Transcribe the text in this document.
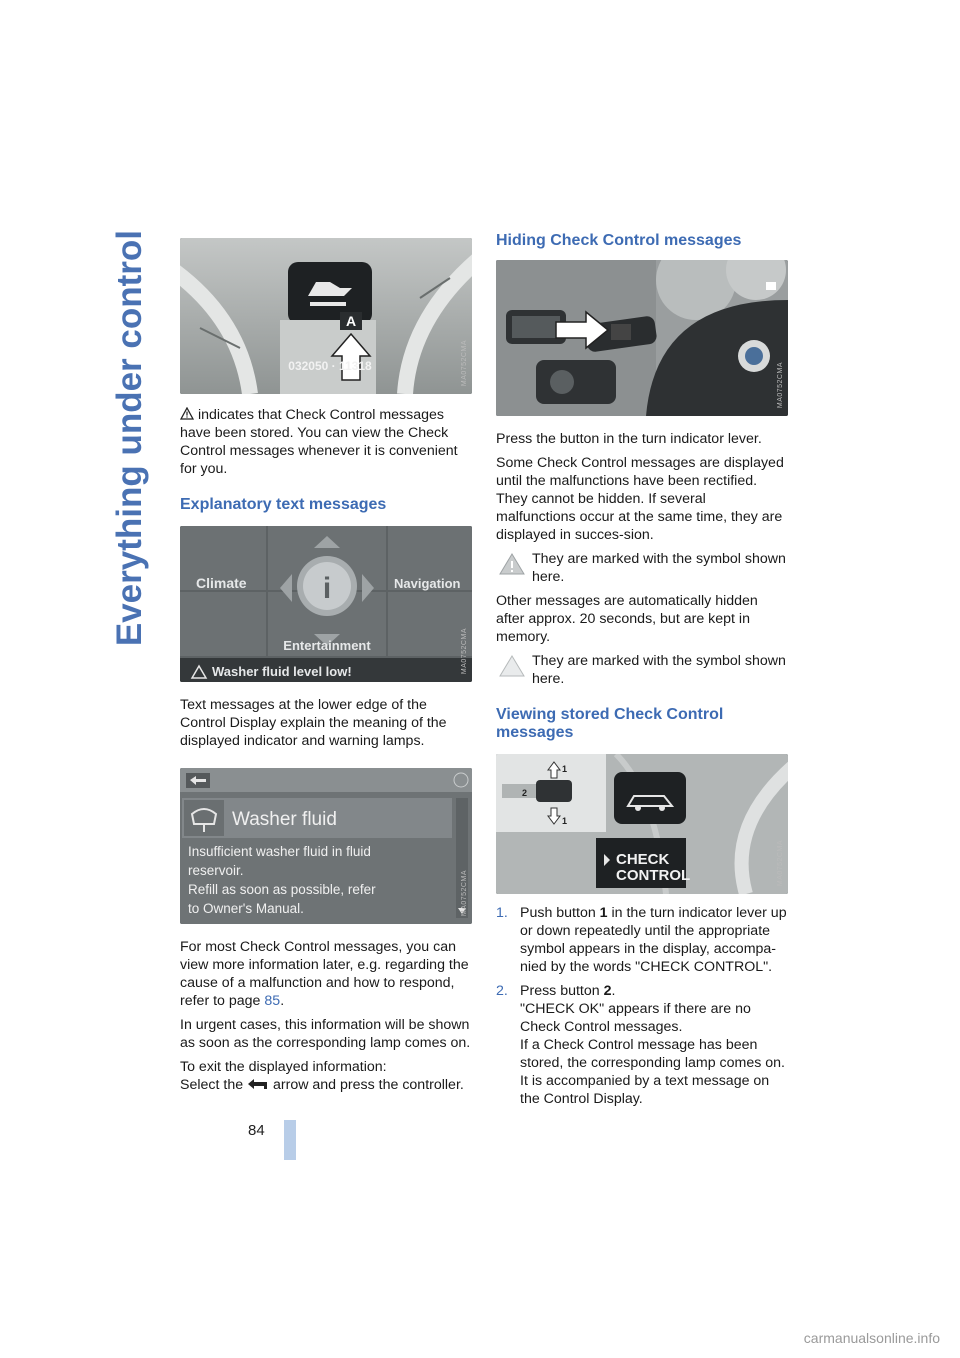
Everything under control	A
032050 · 11318	MA0752CMA

indicates that Check Control messages have been stored. You can view the Check Control messages whenever it is convenient for you.

Explanatory text messages
i
Climate	Navigation
Entertainment
Washer fluid level low!	MA0752CMA

Text messages at the lower edge of the Control Display explain the meaning of the displayed indicator and warning lamps.

Washer fluid
Insufficient washer fluid in fluid
reservoir.
Refill as soon as possible, refer
to Owner's Manual.	MA0752CMA

For most Check Control messages, you can view more information later, e.g. regarding the cause of a malfunction and how to respond, refer to page 85.

In urgent cases, this information will be shown as soon as the corresponding lamp comes on.

To exit the displayed information:

Select the  arrow and press the controller.

Hiding Check Control messages
MA0752CMA

Press the button in the turn indicator lever.

Some Check Control messages are displayed until the malfunctions have been rectified. They cannot be hidden. If several malfunctions occur at the same time, they are displayed in succes-sion.

They are marked with the symbol shown here.

Other messages are automatically hidden after approx. 20 seconds, but are kept in memory.

They are marked with the symbol shown here.

Viewing stored Check Control messages
1
2
1
CHECK
CONTROL	MA0752CMA
1. Push button 1 in the turn indicator lever up or down repeatedly until the appropriate symbol appears in the display, accompa-nied by the words "CHECK CONTROL".
2. Press button 2.
"CHECK OK" appears if there are no Check Control messages.
If a Check Control message has been stored, the corresponding lamp comes on. It is accompanied by a text message on the Control Display.
84
carmanualsonline.info
